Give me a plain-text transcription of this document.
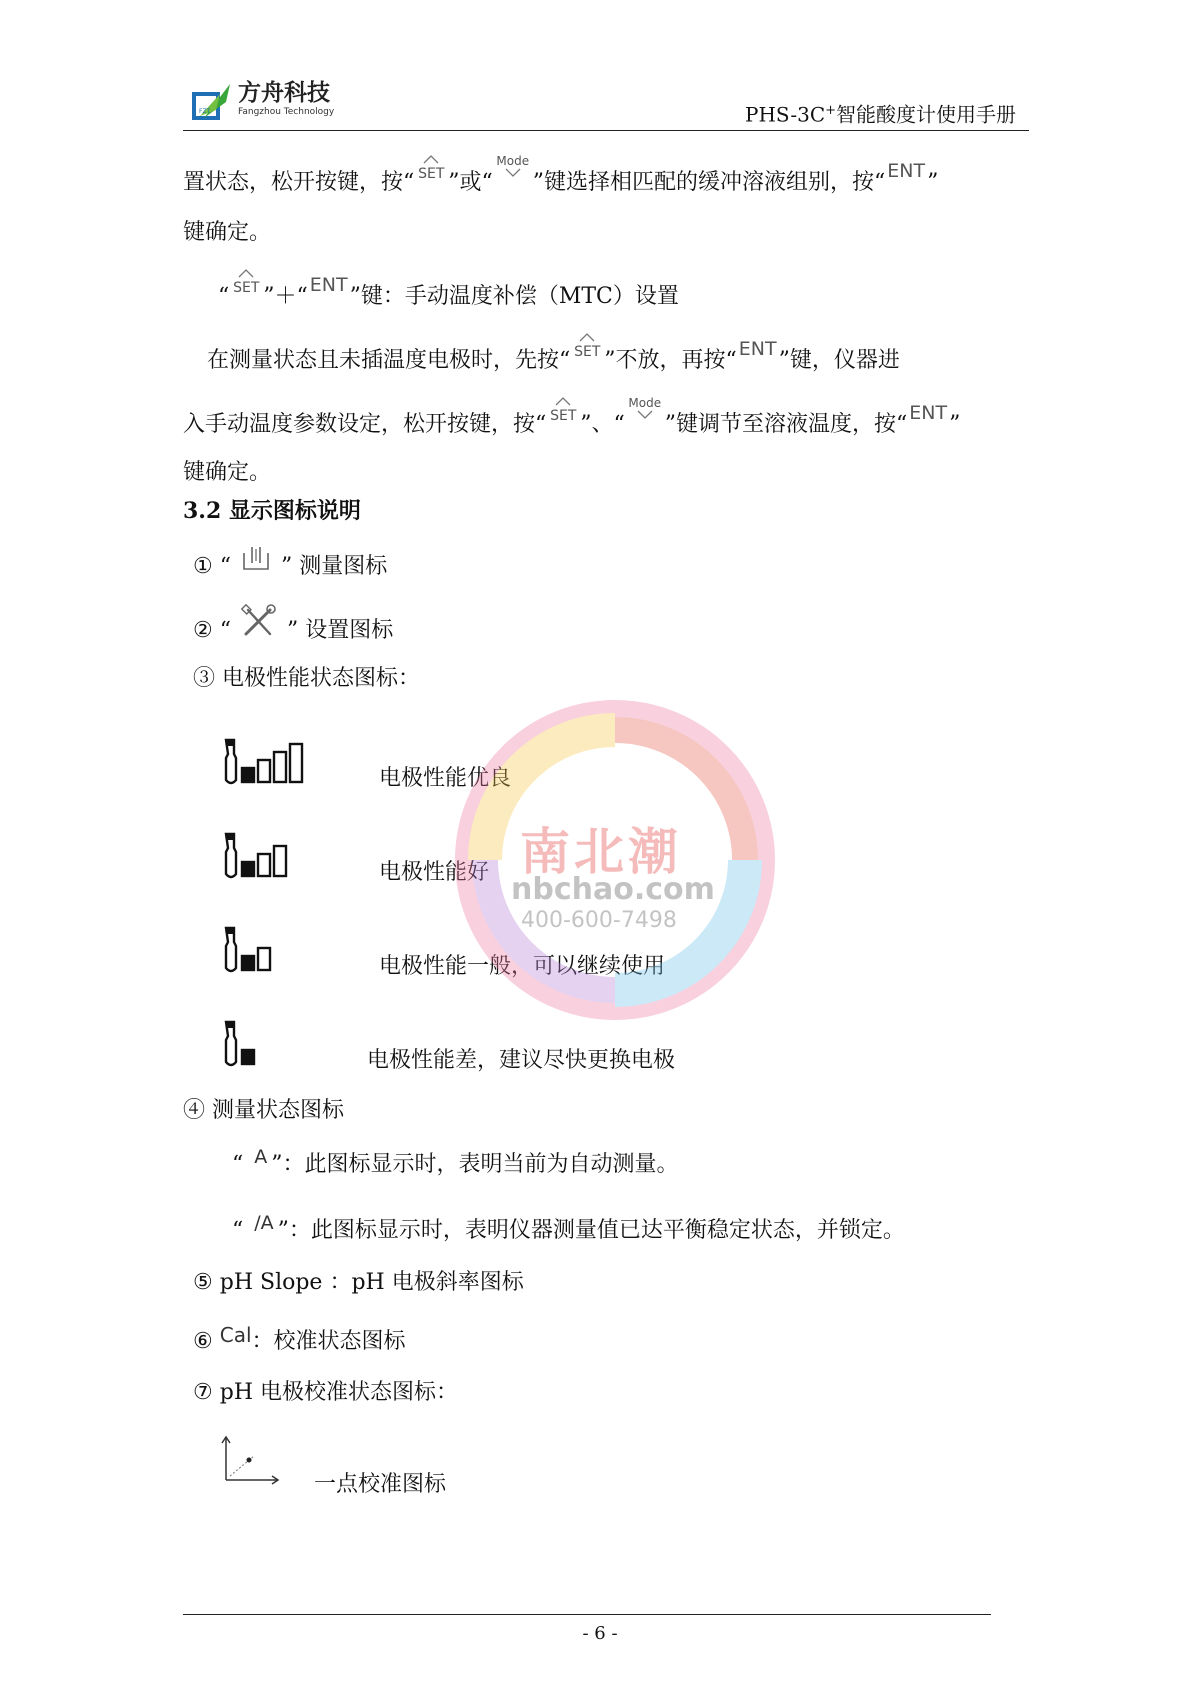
FZT
方舟科技
Fangzhou Technology	PHS-3C+智能酸度计使用手册
置状态，松开按键，按“ SET ”或“Mode
”键选择相匹配的缓冲溶液组别，按“ ENT”
键确定。
“ SET ”＋“ ENT”键：手动温度补偿（MTC）设置
在测量状态且未插温度电极时，先按“ SET ”不放，再按“ ENT”键，仪器进
入手动温度参数设定，松开按键，按“ SET ”、“Mode
”键调节至溶液温度，按“ ENT”
键确定。
3.2 显示图标说明
① “ ” 测量图标
② “	” 设置图标
③ 电极性能状态图标：
电极性能优良
电极性能好
电极性能一般，可以继续使用
电极性能差，建议尽快更换电极
④ 测量状态图标
“ A ”：此图标显示时，表明当前为自动测量。
“ /A ”：此图标显示时，表明仪器测量值已达平衡稳定状态，并锁定。
⑤ pH Slope ：pH 电极斜率图标
⑥ Cal：校准状态图标
⑦ pH 电极校准状态图标：
一点校准图标
南北潮
nbchao.com
400-600-7498
- 6 -
